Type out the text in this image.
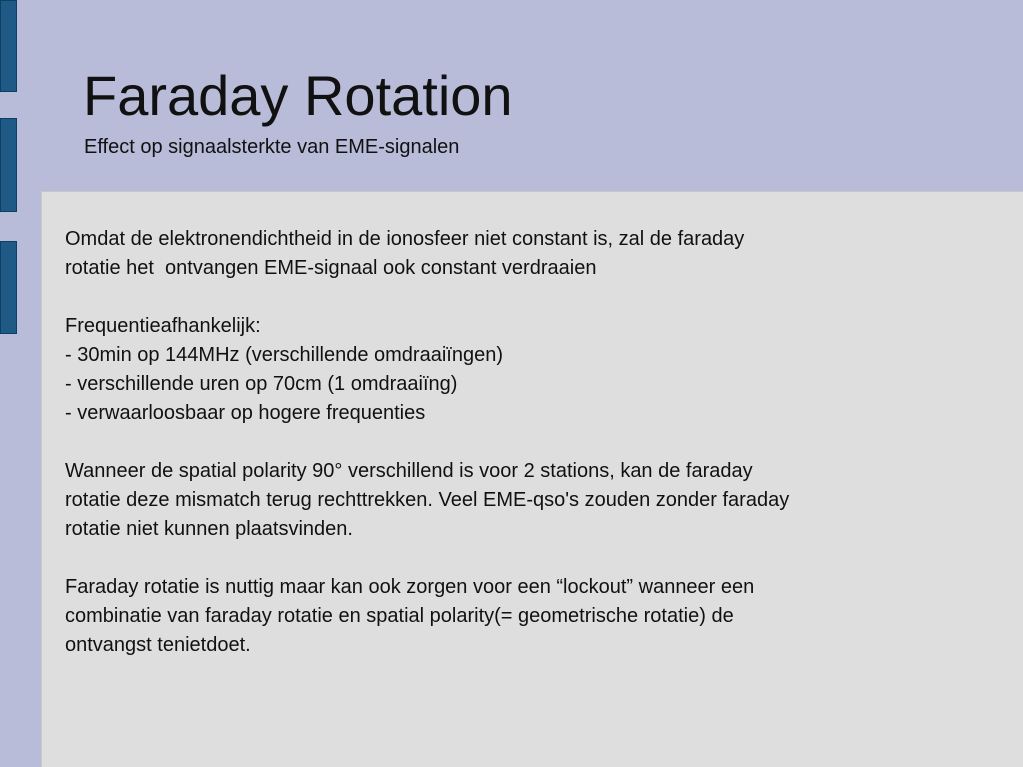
Faraday Rotation
Effect op signaalsterkte van EME-signalen
Omdat de elektronendichtheid in de ionosfeer niet constant is, zal de faraday
rotatie het  ontvangen EME-signaal ook constant verdraaien
Frequentieafhankelijk:
- 30min op 144MHz (verschillende omdraaiïngen)
- verschillende uren op 70cm (1 omdraaiïng)
- verwaarloosbaar op hogere frequenties
Wanneer de spatial polarity 90° verschillend is voor 2 stations, kan de faraday
rotatie deze mismatch terug rechttrekken. Veel EME-qso's zouden zonder faraday
rotatie niet kunnen plaatsvinden.
Faraday rotatie is nuttig maar kan ook zorgen voor een “lockout” wanneer een
combinatie van faraday rotatie en spatial polarity(= geometrische rotatie) de
ontvangst tenietdoet.
